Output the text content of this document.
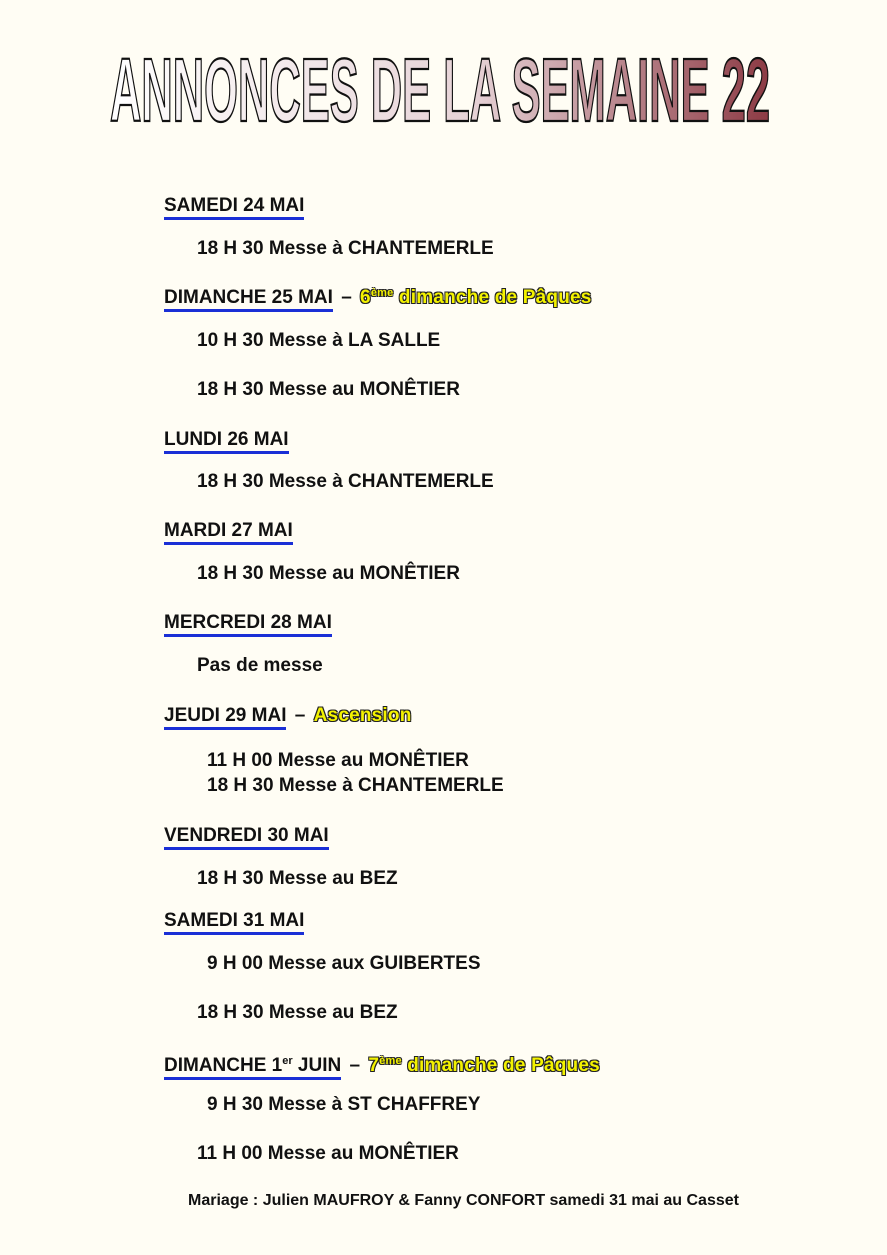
ANNONCES DE LA SEMAINE 22
SAMEDI 24 MAI
18 H 30 Messe à CHANTEMERLE
DIMANCHE 25 MAI – 6ème dimanche de Pâques
10 H 30 Messe à LA SALLE
18 H 30 Messe au MONÊTIER
LUNDI 26 MAI
18 H 30 Messe à CHANTEMERLE
MARDI 27 MAI
18 H 30 Messe au MONÊTIER
MERCREDI 28 MAI
Pas de messe
JEUDI 29 MAI – Ascension
11 H 00 Messe au MONÊTIER
18 H 30 Messe à CHANTEMERLE
VENDREDI 30 MAI
18 H 30 Messe au BEZ
SAMEDI 31 MAI
9 H 00 Messe aux GUIBERTES
18 H 30 Messe au BEZ
DIMANCHE 1er JUIN – 7ème dimanche de Pâques
9 H 30 Messe à ST CHAFFREY
11 H 00 Messe au MONÊTIER
Mariage : Julien MAUFROY & Fanny CONFORT samedi 31 mai au Casset
